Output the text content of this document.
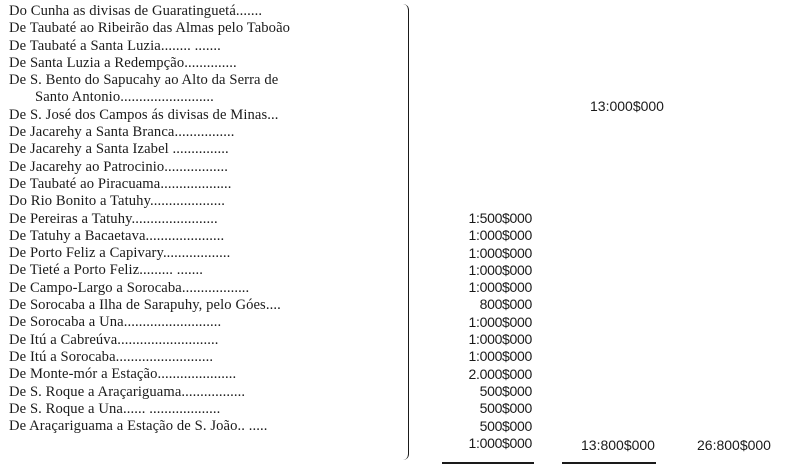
Do Cunha as divisas de Guaratinguetá.......
De Taubaté ao Ribeirão das Almas pelo Taboão
De Taubaté a Santa Luzia........ .......
De Santa Luzia a Redempção..............
De S. Bento do Sapucahy ao Alto da Serra de
Santo Antonio.........................
De S. José dos Campos ás divisas de Minas...
De Jacarehy a Santa Branca................
De Jacarehy a Santa Izabel ...............
De Jacarehy ao Patrocinio.................
De Taubaté ao Piracuama...................
Do Rio Bonito a Tatuhy....................
De Pereiras a Tatuhy.......................
De Tatuhy a Bacaetava.....................
De Porto Feliz a Capivary..................
De Tieté a Porto Feliz......... .......
De Campo-Largo a Sorocaba..................
De Sorocaba a Ilha de Sarapuhy, pelo Góes....
De Sorocaba a Una..........................
De Itú a Cabreúva...........................
De Itú a Sorocaba..........................
De Monte-mór a Estação.....................
De S. Roque a Araçariguama.................
De S. Roque a Una...... ...................
De Araçariguama a Estação de S. João.. .....
13:000$000
1:500$000
1:000$000
1:000$000
1:000$000
1:000$000
800$000
1:000$000
1:000$000
1:000$000
2.000$000
500$000
500$000
500$000
1:000$000	13:800$000	26:800$000
